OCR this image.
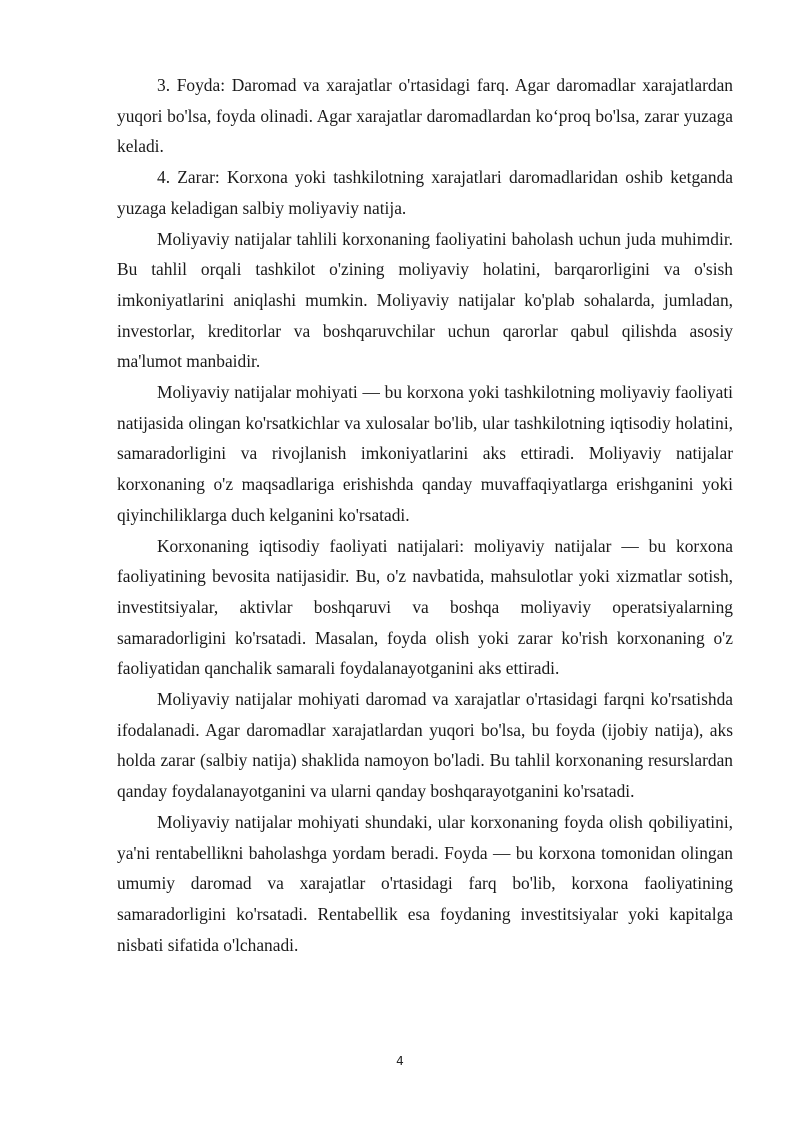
3. Foyda: Daromad va xarajatlar o'rtasidagi farq. Agar daromadlar xarajatlardan yuqori bo'lsa, foyda olinadi. Agar xarajatlar daromadlardan ko‘proq bo'lsa, zarar yuzaga keladi.

4. Zarar: Korxona yoki tashkilotning xarajatlari daromadlaridan oshib ketganda yuzaga keladigan salbiy moliyaviy natija.

Moliyaviy natijalar tahlili korxonaning faoliyatini baholash uchun juda muhimdir. Bu tahlil orqali tashkilot o'zining moliyaviy holatini, barqarorligini va o'sish imkoniyatlarini aniqlashi mumkin. Moliyaviy natijalar ko'plab sohalarda, jumladan, investorlar, kreditorlar va boshqaruvchilar uchun qarorlar qabul qilishda asosiy ma'lumot manbaidir.

Moliyaviy natijalar mohiyati — bu korxona yoki tashkilotning moliyaviy faoliyati natijasida olingan ko'rsatkichlar va xulosalar bo'lib, ular tashkilotning iqtisodiy holatini, samaradorligini va rivojlanish imkoniyatlarini aks ettiradi. Moliyaviy natijalar korxonaning o'z maqsadlariga erishishda qanday muvaffaqiyatlarga erishganini yoki qiyinchiliklarga duch kelganini ko'rsatadi.

Korxonaning iqtisodiy faoliyati natijalari: moliyaviy natijalar — bu korxona faoliyatining bevosita natijasidir. Bu, o'z navbatida, mahsulotlar yoki xizmatlar sotish, investitsiyalar, aktivlar boshqaruvi va boshqa moliyaviy operatsiyalarning samaradorligini ko'rsatadi. Masalan, foyda olish yoki zarar ko'rish korxonaning o'z faoliyatidan qanchalik samarali foydalanayotganini aks ettiradi.

Moliyaviy natijalar mohiyati daromad va xarajatlar o'rtasidagi farqni ko'rsatishda ifodalanadi. Agar daromadlar xarajatlardan yuqori bo'lsa, bu foyda (ijobiy natija), aks holda zarar (salbiy natija) shaklida namoyon bo'ladi. Bu tahlil korxonaning resurslardan qanday foydalanayotganini va ularni qanday boshqarayotganini ko'rsatadi.

Moliyaviy natijalar mohiyati shundaki, ular korxonaning foyda olish qobiliyatini, ya'ni rentabellikni baholashga yordam beradi. Foyda — bu korxona tomonidan olingan umumiy daromad va xarajatlar o'rtasidagi farq bo'lib, korxona faoliyatining samaradorligini ko'rsatadi. Rentabellik esa foydaning investitsiyalar yoki kapitalga nisbati sifatida o'lchanadi.

4
